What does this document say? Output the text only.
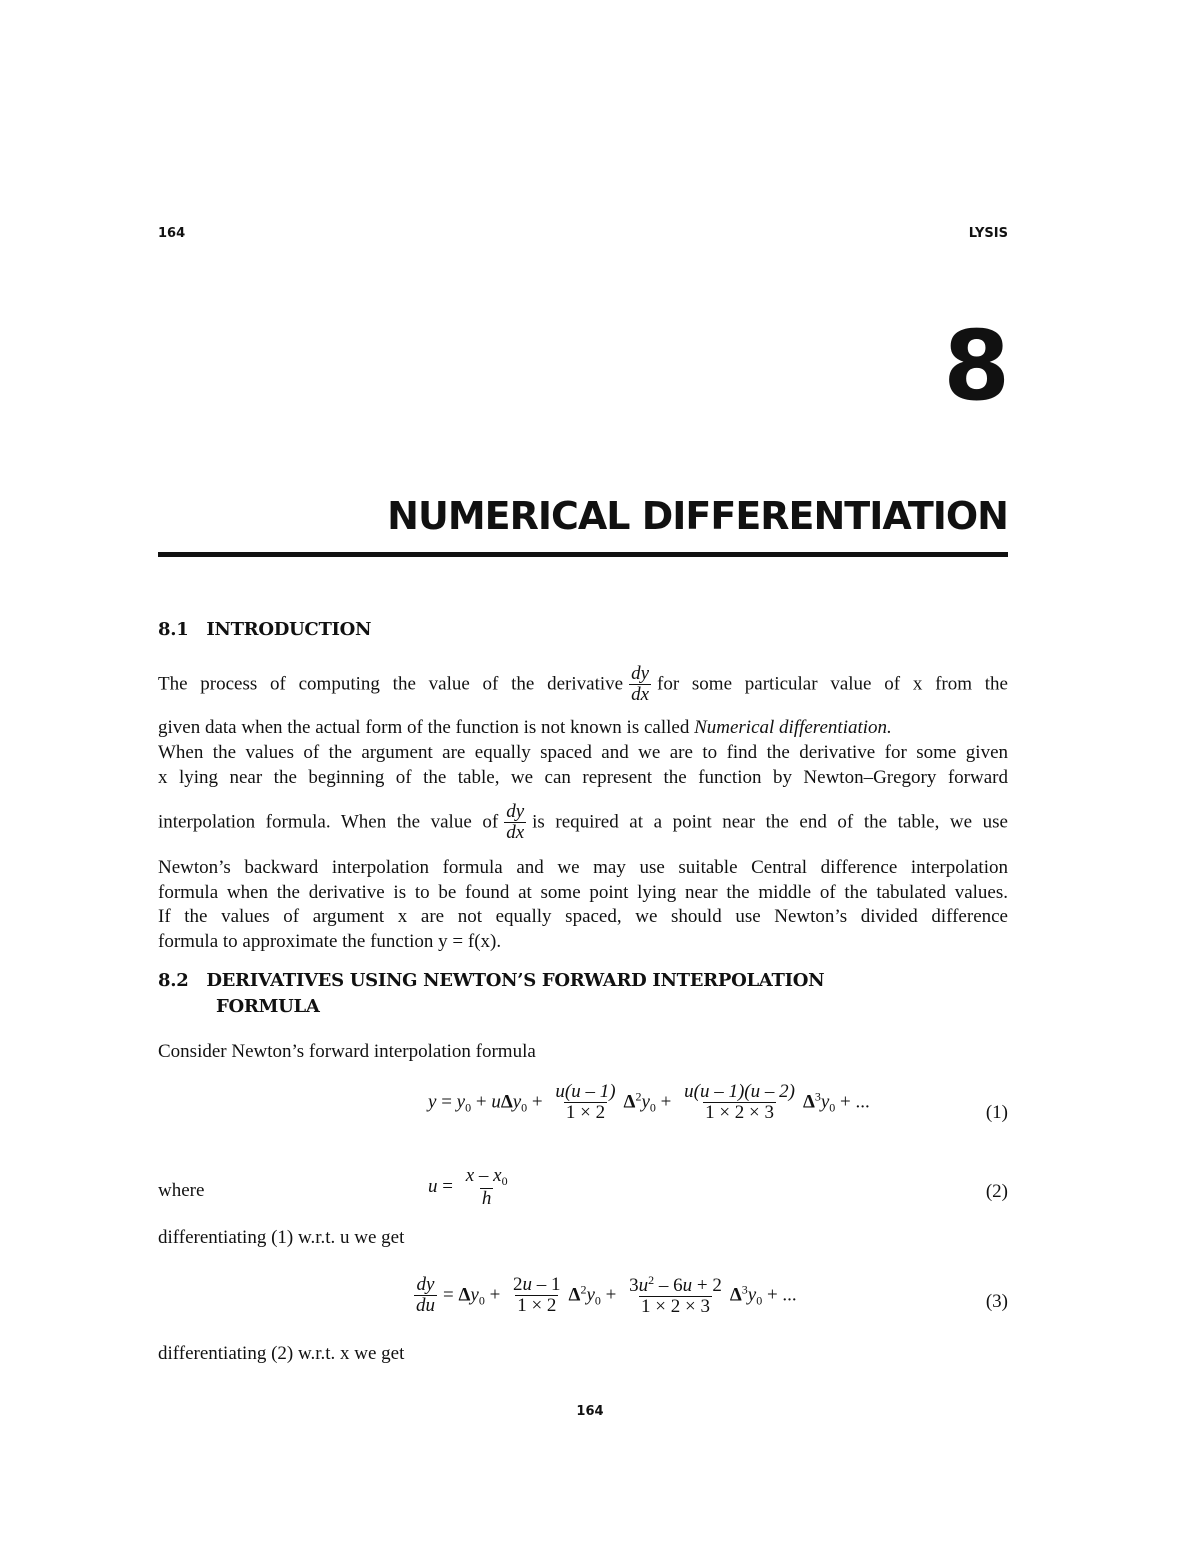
164	LYSIS
8
NUMERICAL DIFFERENTIATION
8.1   INTRODUCTION
The process of computing the value of the derivative $\frac{dy}{dx}$ for some particular value of x from the
given data when the actual form of the function is not known is called Numerical differentiation.
When the values of the argument are equally spaced and we are to find the derivative for some given
x lying near the beginning of the table, we can represent the function by Newton–Gregory forward
interpolation formula. When the value of $\frac{dy}{dx}$ is required at a point near the end of the table, we use
Newton’s backward interpolation formula and we may use suitable Central difference interpolation
formula when the derivative is to be found at some point lying near the middle of the tabulated values.
If the values of argument x are not equally spaced, we should use Newton’s divided difference
formula to approximate the function y = f(x).
8.2   DERIVATIVES USING NEWTON’S FORWARD INTERPOLATION
FORMULA
Consider Newton’s forward interpolation formula
$y = y_0 + u\Delta y_0 + \frac{u(u - 1)}{1 \times 2} \Delta^2y_0 + \frac{u(u - 1)(u - 2)}{1 \times 2 \times 3} \Delta^3y_0$ + ...
(1)
where	$u = \frac{x - x_0}{h}$	(2)
differentiating (1) w.r.t. u we get
$\frac{dy}{du} = \Delta y_0 + \frac{2u - 1}{1 \times 2} \Delta^2y_0 + \frac{3u^2 - 6u + 2}{1 \times 2 \times 3} \Delta^3y_0$ + ...	(3)
differentiating (2) w.r.t. x we get
164
